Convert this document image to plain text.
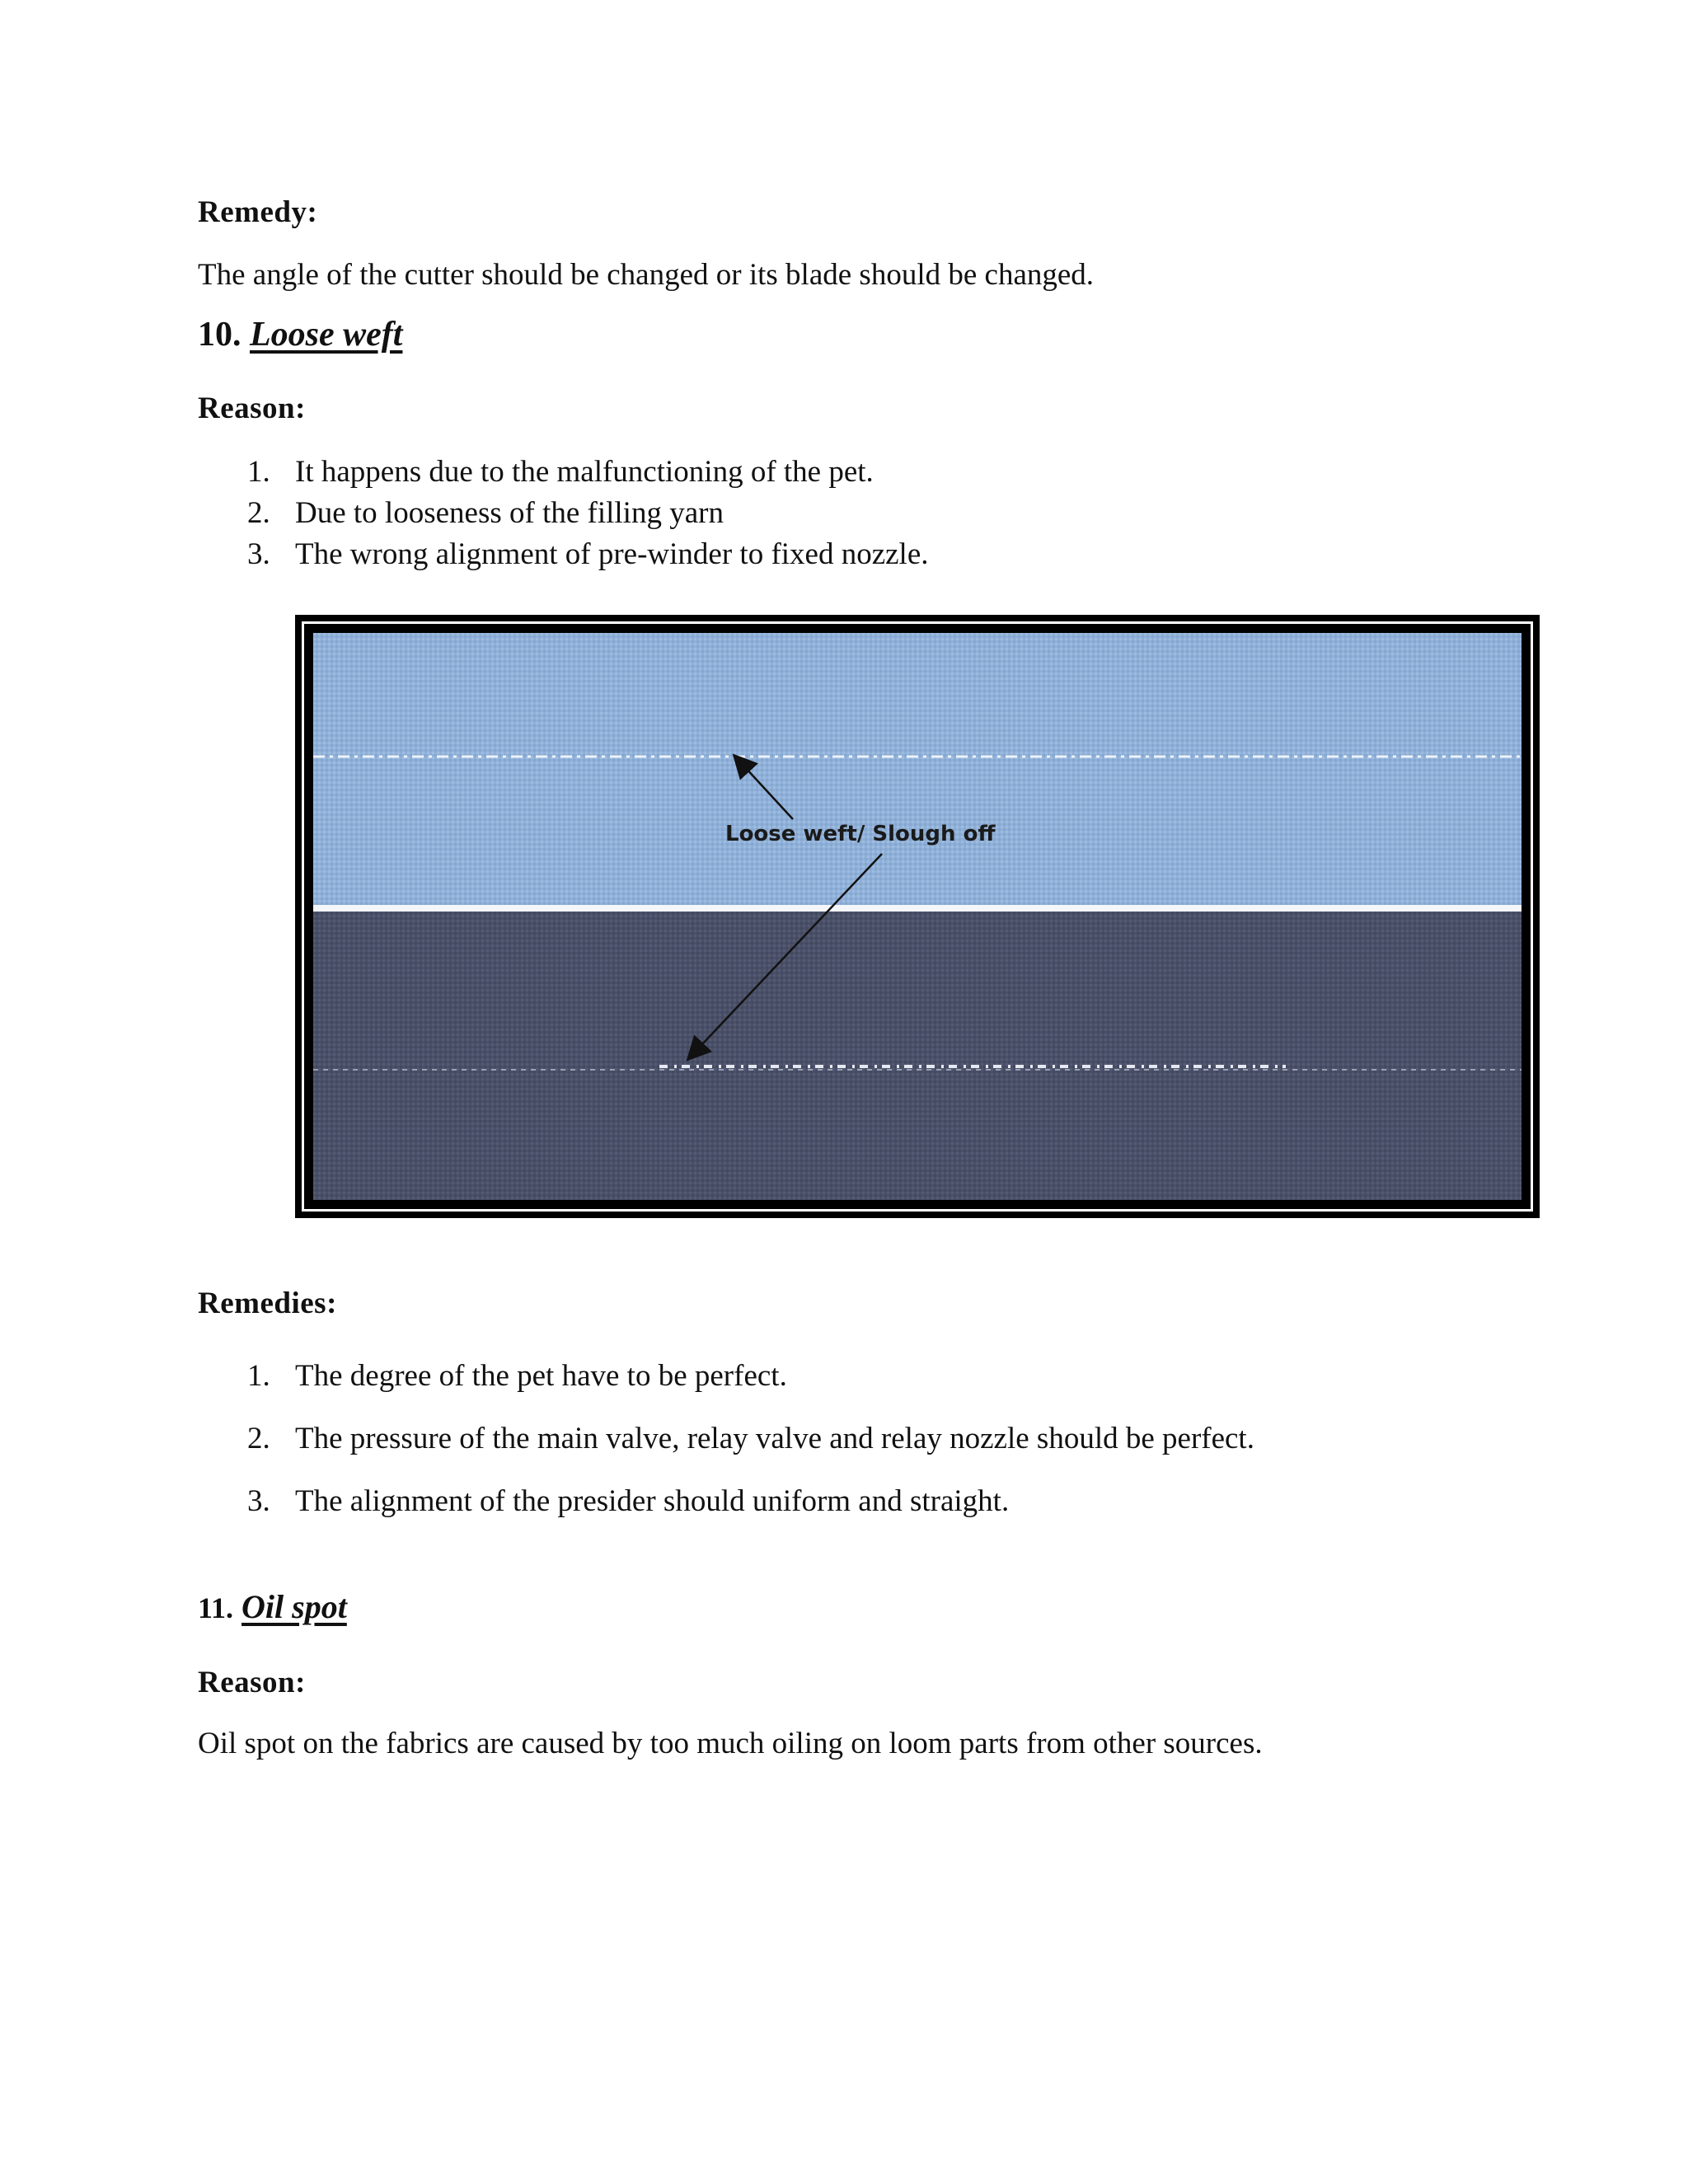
Remedy:
The angle of the cutter should be changed or its blade should be changed.
10. Loose weft
Reason:
1. It happens due to the malfunctioning of the pet.
2. Due to looseness of the filling yarn
3. The wrong alignment of pre-winder to fixed nozzle.
Loose weft/ Slough off
Remedies:
1. The degree of the pet have to be perfect.
2. The pressure of the main valve, relay valve and relay nozzle should be perfect.
3. The alignment of the presider should uniform and straight.
11. Oil spot
Reason:
Oil spot on the fabrics are caused by too much oiling on loom parts from other sources.
